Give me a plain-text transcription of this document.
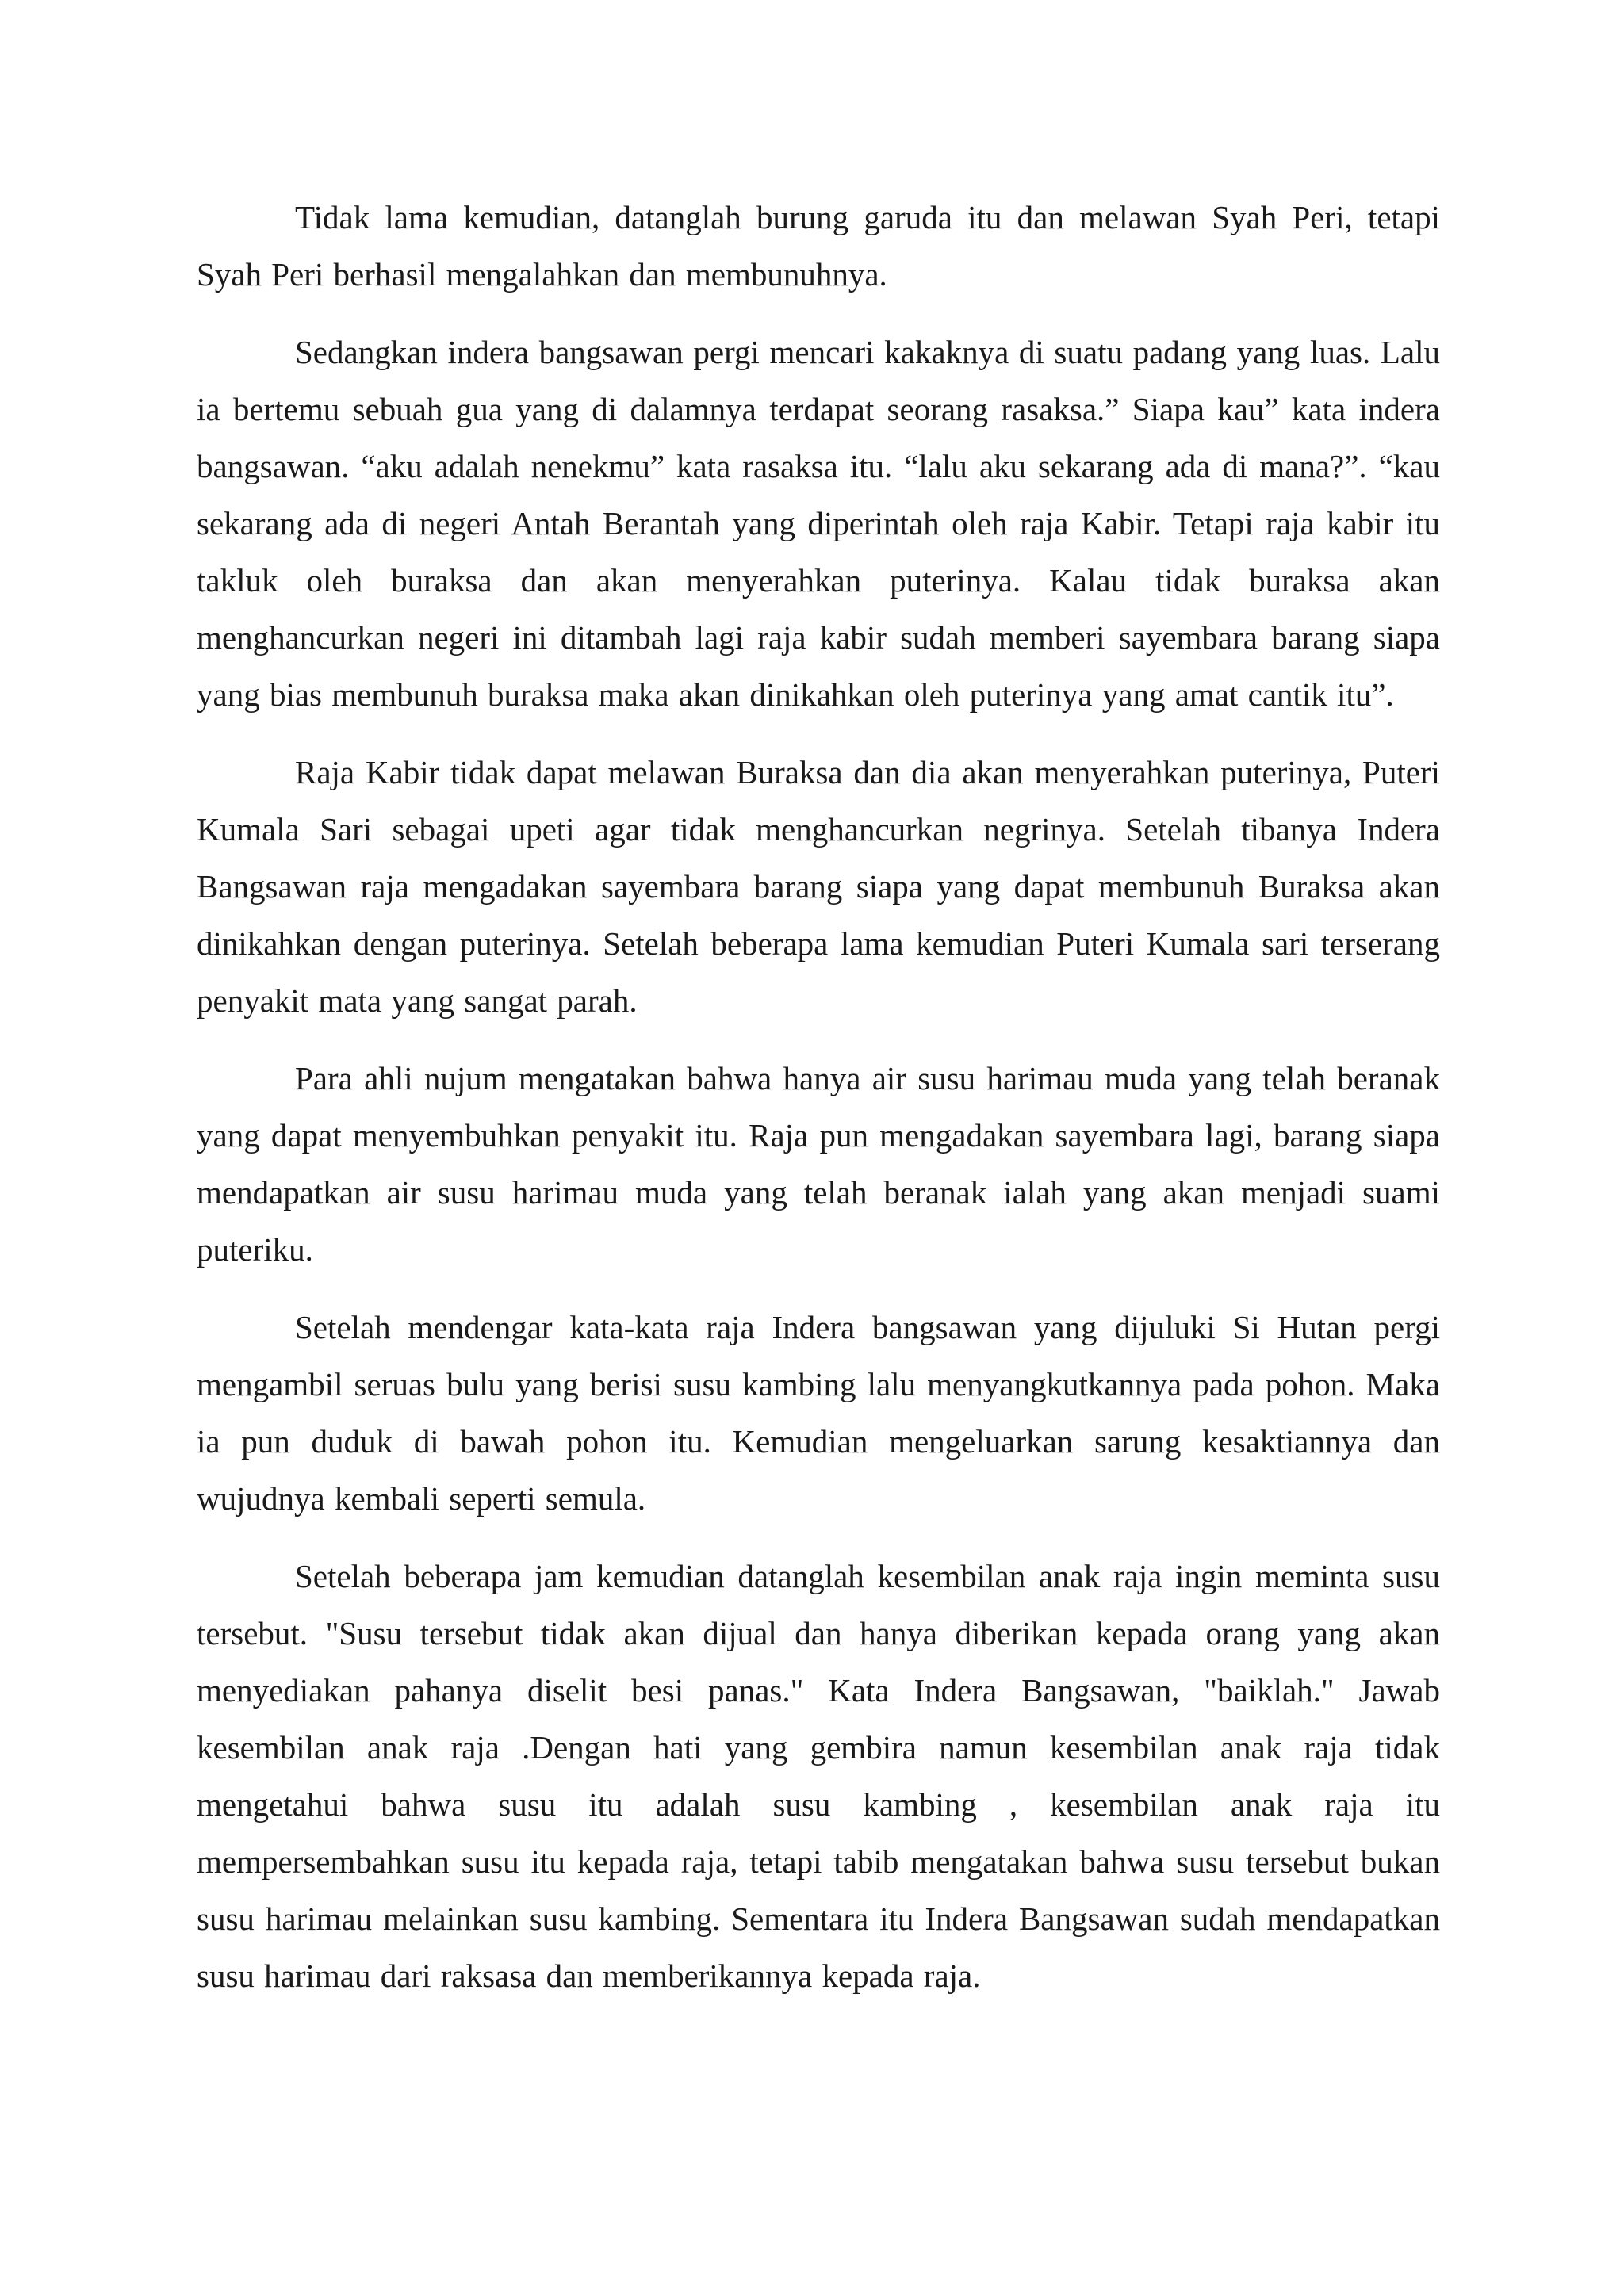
Tidak lama kemudian, datanglah burung garuda itu dan melawan Syah Peri, tetapi Syah Peri berhasil mengalahkan dan membunuhnya.

Sedangkan indera bangsawan pergi mencari kakaknya di suatu padang yang luas. Lalu ia bertemu sebuah gua yang di dalamnya terdapat seorang rasaksa.” Siapa kau” kata indera bangsawan. “aku adalah nenekmu” kata rasaksa itu. “lalu aku sekarang ada di mana?”. “kau sekarang ada di negeri Antah Berantah yang diperintah oleh raja Kabir. Tetapi raja kabir itu takluk oleh buraksa dan akan menyerahkan puterinya. Kalau tidak buraksa akan menghancurkan negeri ini ditambah lagi raja kabir sudah memberi sayembara barang siapa yang bias membunuh buraksa maka akan dinikahkan oleh puterinya yang amat cantik itu”.

Raja Kabir tidak dapat melawan Buraksa dan dia akan menyerahkan puterinya, Puteri Kumala Sari sebagai upeti agar tidak menghancurkan negrinya. Setelah tibanya Indera Bangsawan raja mengadakan sayembara barang siapa yang dapat membunuh Buraksa akan dinikahkan dengan puterinya. Setelah beberapa lama kemudian Puteri Kumala sari terserang penyakit mata yang sangat parah.

Para ahli nujum mengatakan bahwa hanya air susu harimau muda yang telah beranak yang dapat menyembuhkan penyakit itu. Raja pun mengadakan sayembara lagi, barang siapa mendapatkan air susu harimau muda yang telah beranak ialah yang akan menjadi suami puteriku.

Setelah mendengar kata-kata raja Indera bangsawan yang dijuluki Si Hutan pergi mengambil seruas bulu yang berisi susu kambing lalu menyangkutkannya pada pohon. Maka ia pun duduk di bawah pohon itu. Kemudian mengeluarkan sarung kesaktiannya dan wujudnya kembali seperti semula.

Setelah beberapa jam kemudian datanglah kesembilan anak raja ingin meminta susu tersebut. "Susu tersebut tidak akan dijual dan hanya diberikan kepada orang yang akan menyediakan pahanya diselit besi panas." Kata Indera Bangsawan, "baiklah." Jawab kesembilan anak raja .Dengan hati yang gembira namun kesembilan anak raja tidak mengetahui bahwa susu itu adalah susu kambing , kesembilan anak raja itu mempersembahkan susu itu kepada raja, tetapi tabib mengatakan bahwa susu tersebut bukan susu harimau melainkan susu kambing. Sementara itu Indera Bangsawan sudah mendapatkan susu harimau dari raksasa dan memberikannya kepada raja.
